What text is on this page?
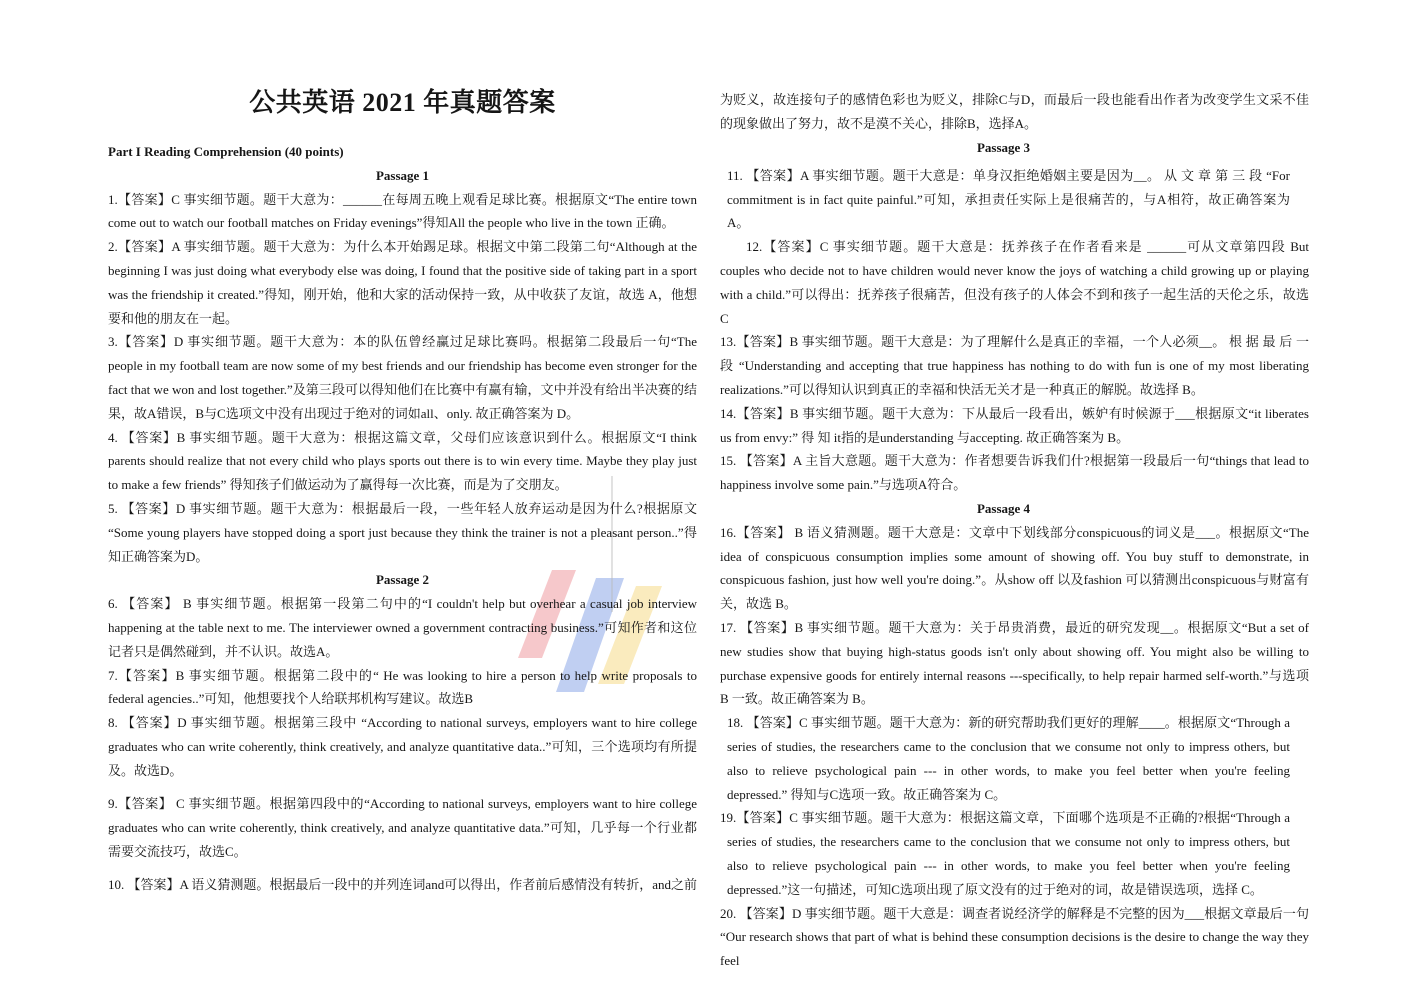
公共英语 2021 年真题答案
Part I Reading Comprehension (40 points)
Passage 1

1.【答案】C 事实细节题。题干大意为：______在每周五晚上观看足球比赛。根据原文“The entire town come out to watch our football matches on Friday evenings”得知All the people who live in the town 正确。

2.【答案】A 事实细节题。题干大意为：为什么本开始踢足球。根据文中第二段第二句“Although at the beginning I was just doing what everybody else was doing, I found that the positive side of taking part in a sport was the friendship it created.”得知，刚开始，他和大家的活动保持一致，从中收获了友谊，故选 A，他想要和他的朋友在一起。

3.【答案】D 事实细节题。题干大意为：本的队伍曾经赢过足球比赛吗。根据第二段最后一句“The people in my football team are now some of my best friends and our friendship has become even stronger for the fact that we won and lost together.”及第三段可以得知他们在比赛中有赢有输，文中并没有给出半决赛的结果，故A错误，B与C选项文中没有出现过于绝对的词如all、only. 故正确答案为 D。

4. 【答案】B 事实细节题。题干大意为：根据这篇文章，父母们应该意识到什么。根据原文“I think parents should realize that not every child who plays sports out there is to win every time. Maybe they play just to make a few friends” 得知孩子们做运动为了赢得每一次比赛，而是为了交朋友。

5. 【答案】D 事实细节题。题干大意为：根据最后一段，一些年轻人放弃运动是因为什么?根据原文“Some young players have stopped doing a sport just because they think the trainer is not a pleasant person..”得知正确答案为D。

Passage 2

6. 【答案】 B 事实细节题。根据第一段第二句中的“I couldn't help but overhear a casual job interview happening at the table next to me. The interviewer owned a government contracting business.”可知作者和这位记者只是偶然碰到，并不认识。故选A。

7.【答案】B 事实细节题。根据第二段中的“ He was looking to hire a person to help write proposals to federal agencies..”可知，他想要找个人给联邦机构写建议。故选B

8. 【答案】D 事实细节题。根据第三段中 “According to national surveys, employers want to hire college graduates who can write coherently, think creatively, and analyze quantitative data..”可知，三个选项均有所提及。故选D。

9.【答案】 C 事实细节题。根据第四段中的“According to national surveys, employers want to hire college graduates who can write coherently, think creatively, and analyze quantitative data.”可知，几乎每一个行业都需要交流技巧，故选C。

10. 【答案】A 语义猜测题。根据最后一段中的并列连词and可以得出，作者前后感情没有转折，and之前

为贬义，故连接句子的感情色彩也为贬义，排除C与D，而最后一段也能看出作者为改变学生文采不佳的现象做出了努力，故不是漠不关心，排除B，选择A。

Passage 3

11. 【答案】A 事实细节题。题干大意是：单身汉拒绝婚姻主要是因为__。 从 文 章 第 三 段 “For commitment is in fact quite painful.”可知，承担责任实际上是很痛苦的，与A相符，故正确答案为 A。

12.【答案】C 事实细节题。题干大意是：抚养孩子在作者看来是 ______可从文章第四段 But couples who decide not to have children would never know the joys of watching a child growing up or playing with a child.”可以得出：抚养孩子很痛苦，但没有孩子的人体会不到和孩子一起生活的天伦之乐，故选 C

13.【答案】B 事实细节题。题干大意是：为了理解什么是真正的幸福，一个人必须__。 根 据 最 后 一 段 “Understanding and accepting that true happiness has nothing to do with fun is one of my most liberating realizations.”可以得知认识到真正的幸福和快活无关才是一种真正的解脱。故选择 B。

14.【答案】B 事实细节题。题干大意为：下从最后一段看出，嫉妒有时候源于___根据原文“it liberates us from envy:” 得 知 it指的是understanding 与accepting. 故正确答案为 B。

15. 【答案】A 主旨大意题。题干大意为：作者想要告诉我们什?根据第一段最后一句“things that lead to happiness involve some pain.”与选项A符合。

Passage 4

16.【答案】 B 语义猜测题。题干大意是：文章中下划线部分conspicuous的词义是___。根据原文“The idea of conspicuous consumption implies some amount of showing off. You buy stuff to demonstrate, in conspicuous fashion, just how well you're doing.”。从show off 以及fashion 可以猜测出conspicuous与财富有关，故选 B。

17. 【答案】B 事实细节题。题干大意为：关于昂贵消费，最近的研究发现__。根据原文“But a set of new studies show that buying high-status goods isn't only about showing off. You might also be willing to purchase expensive goods for entirely internal reasons ---specifically, to help repair harmed self-worth.”与选项 B 一致。故正确答案为 B。

18. 【答案】C 事实细节题。题干大意为：新的研究帮助我们更好的理解____。根据原文“Through a series of studies, the researchers came to the conclusion that we consume not only to impress others, but also to relieve psychological pain --- in other words, to make you feel better when you're feeling depressed.” 得知与C选项一致。故正确答案为 C。

19.【答案】C 事实细节题。题干大意为：根据这篇文章，下面哪个选项是不正确的?根据“Through a series of studies, the researchers came to the conclusion that we consume not only to impress others, but also to relieve psychological pain --- in other words, to make you feel better when you're feeling depressed.”这一句描述，可知C选项出现了原文没有的过于绝对的词，故是错误选项，选择 C。

20. 【答案】D 事实细节题。题干大意是：调查者说经济学的解释是不完整的因为___根据文章最后一句“Our research shows that part of what is behind these consumption decisions is the desire to change the way they feel
